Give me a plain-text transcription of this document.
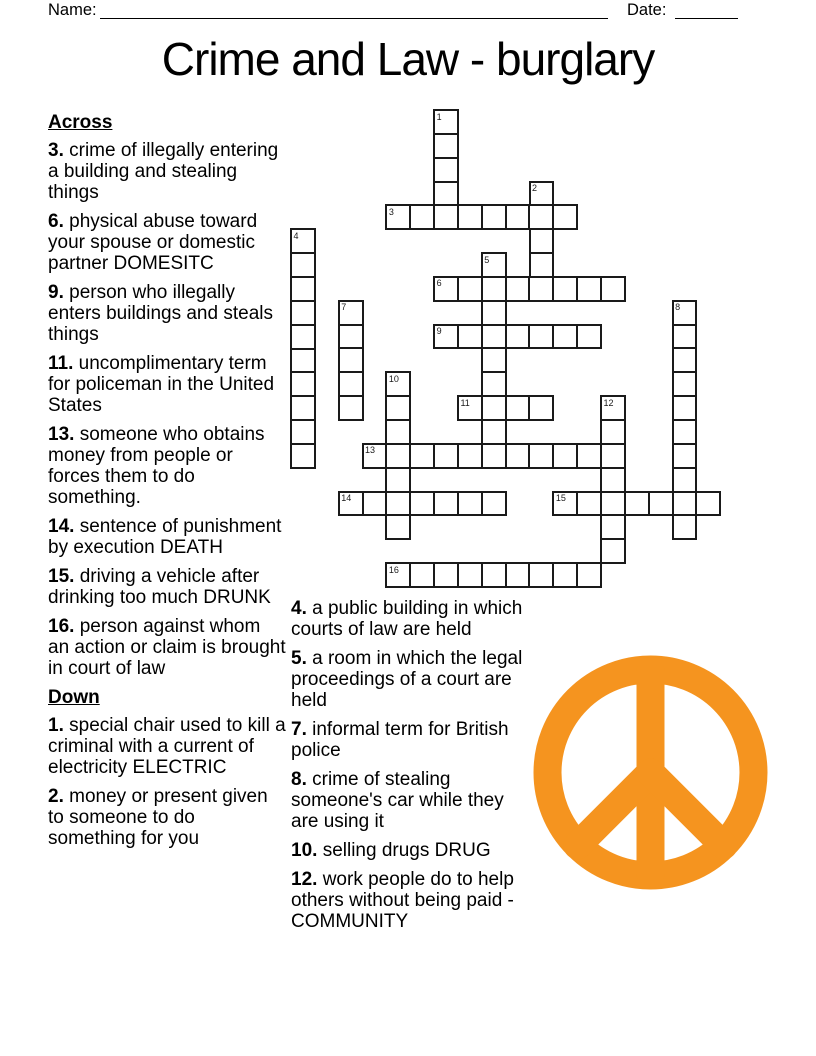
Name:	Date:
Crime and Law - burglary
Across

3. crime of illegally entering a building and stealing things

6. physical abuse toward your spouse or domestic partner DOMESITC

9. person who illegally enters buildings and steals things

11. uncomplimentary term for policeman in the United States

13. someone who obtains money from people or forces them to do something.

14. sentence of punishment by execution DEATH

15. driving a vehicle after drinking too much DRUNK

16. person against whom an action or claim is brought in court of law

Down

1. special chair used to kill a criminal with a current of electricity ELECTRIC

2. money or present given to someone to do something for you

4. a public building in which courts of law are held

5. a room in which the legal proceedings of a court are held

7. informal term for British police

8. crime of stealing someone's car while they are using it

10. selling drugs DRUG

12. work people do to help others without being paid - COMMUNITY

1
2
3
4
5
6
7	8
9
10
11	12
13
14	15
16
